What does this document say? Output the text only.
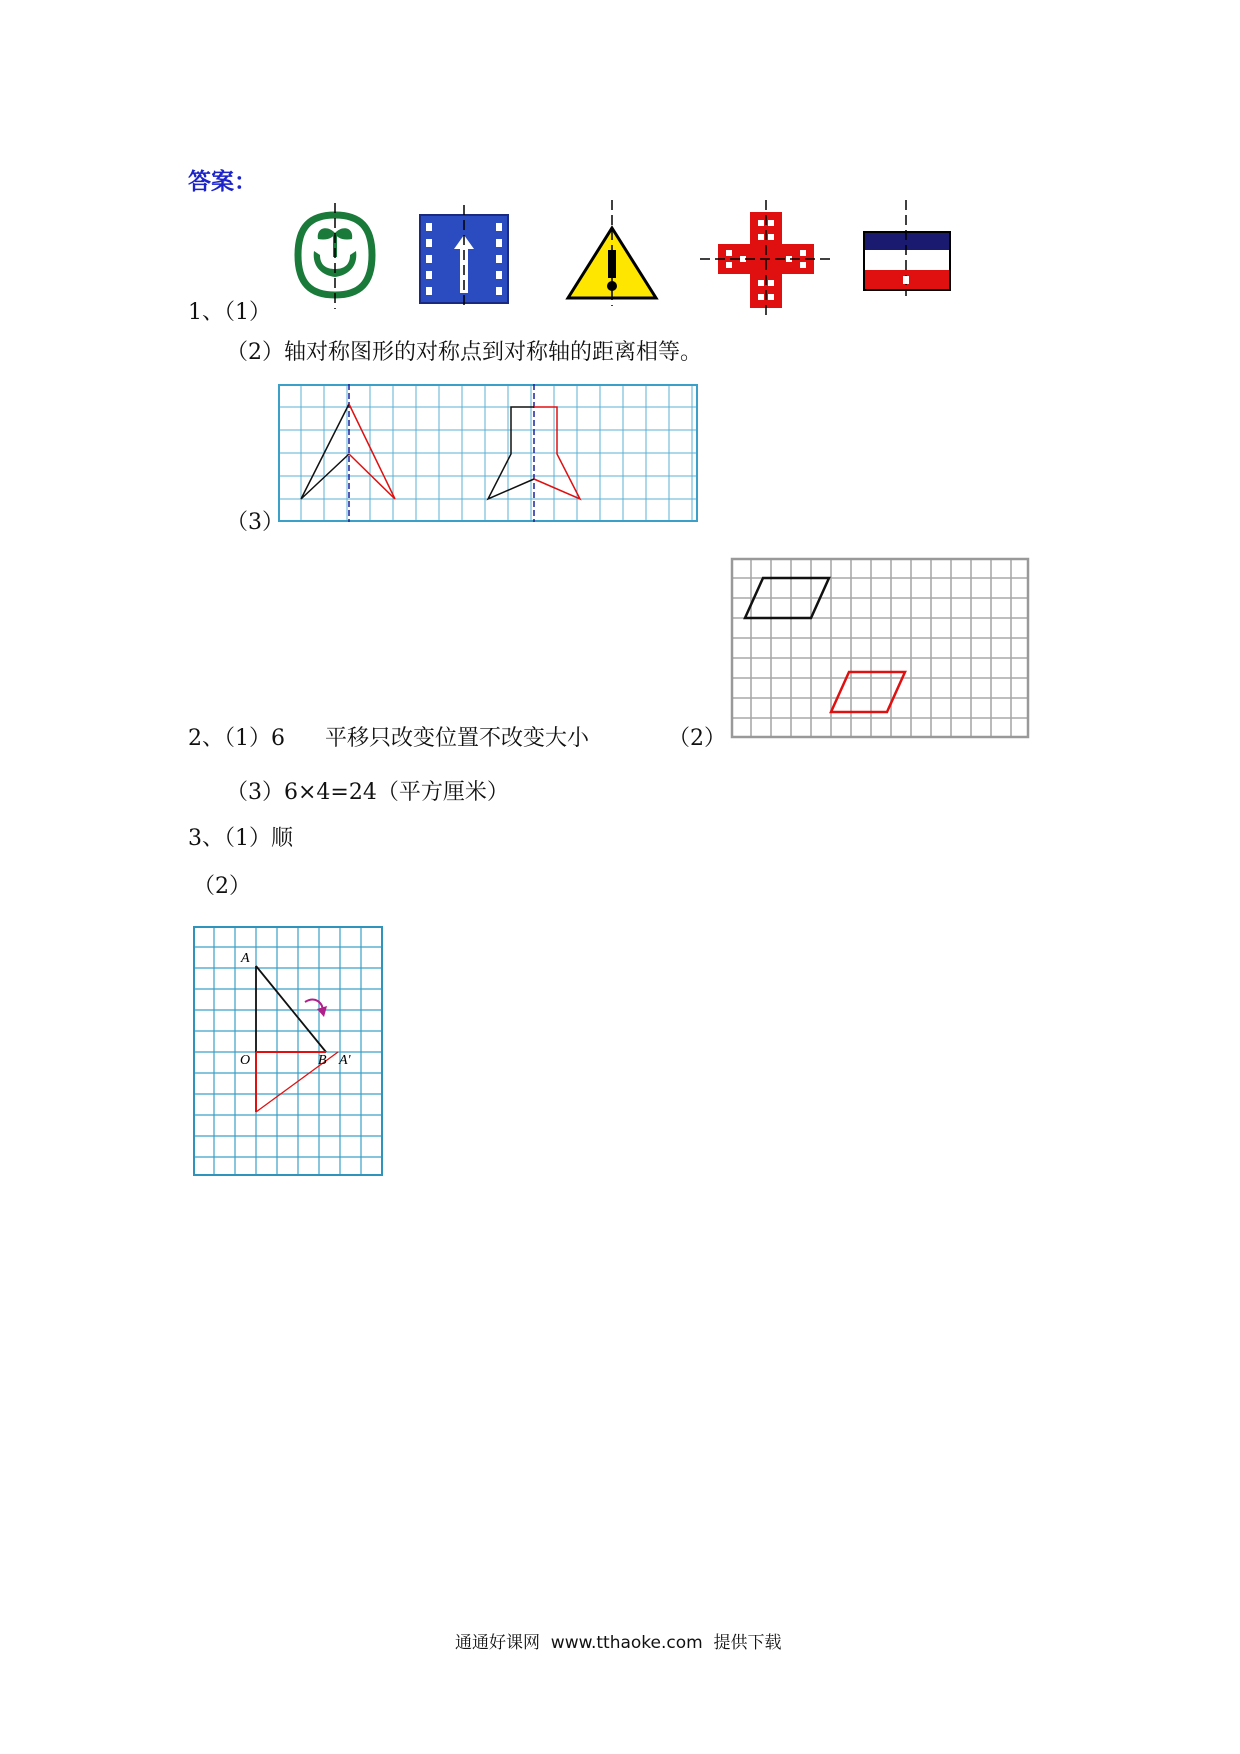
答案：
1、（1）
（2）轴对称图形的对称点到对称轴的距离相等。
（3）
2、（1）6 平移只改变位置不改变大小	（2）
（3）6×4=24（平方厘米）
3、（1）顺
（2）
A
O	B A'
通通好课网  www.tthaoke.com  提供下载
